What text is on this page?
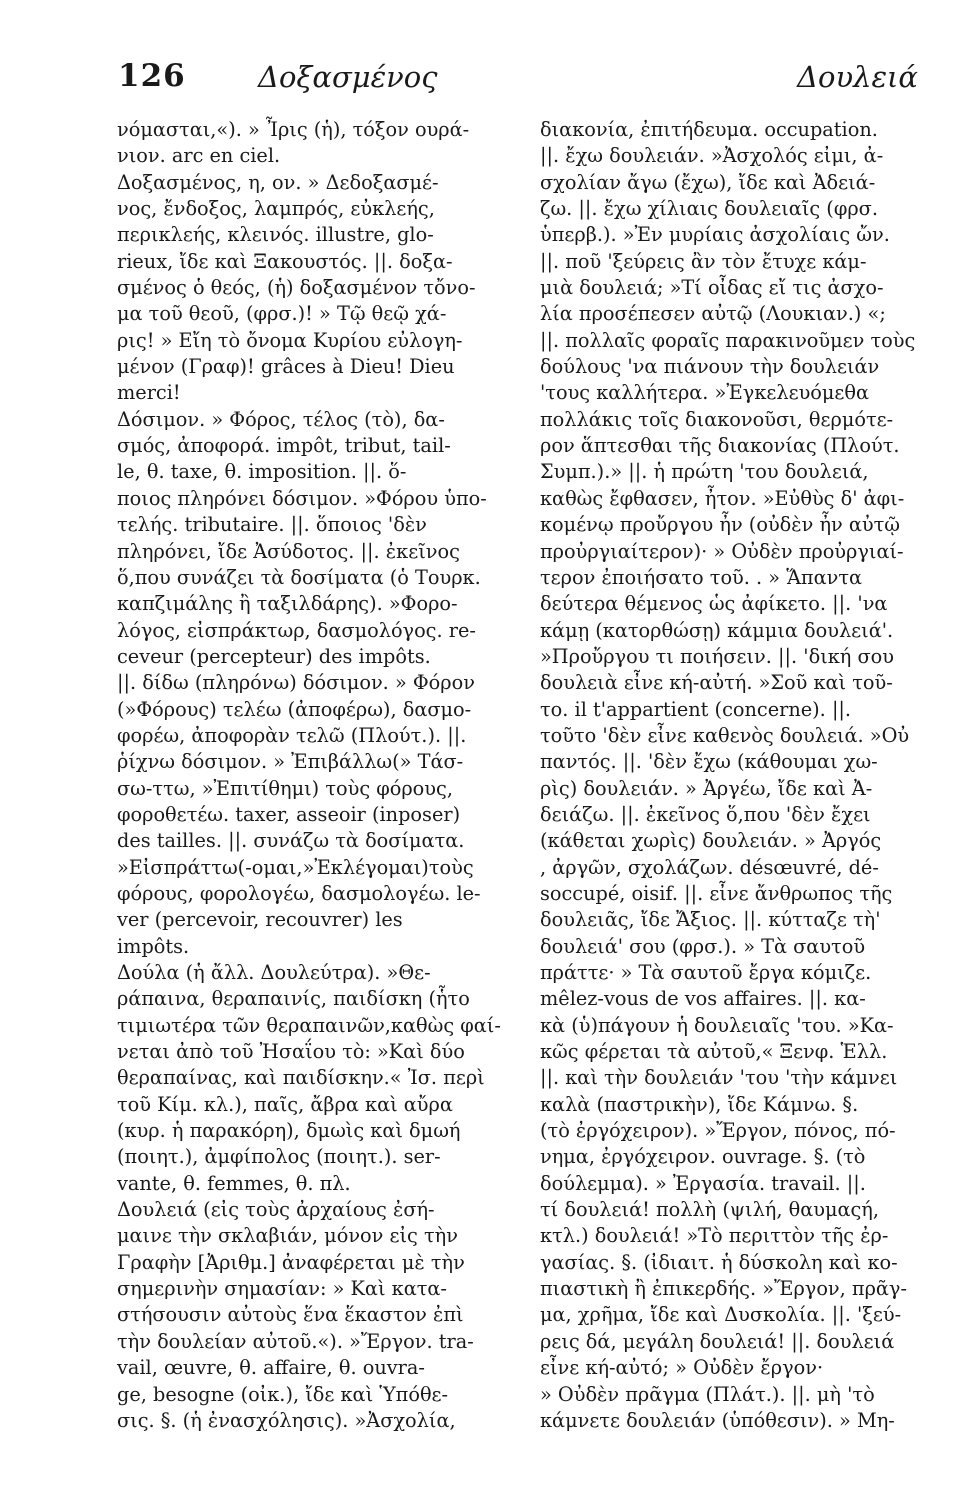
126 Δοξασμένος	Δουλειά
νόμασται,«). » Ἶρις (ἡ), τόξον ουρά-
νιον. arc en ciel.
Δοξασμένος, η, ον. » Δεδοξασμέ-
νος, ἔνδοξος, λαμπρός, εὐκλεής,
περικλεής, κλεινός. illustre, glo-
rieux, ἴδε καὶ Ξακουστός. ||. δοξα-
σμένος ὁ θεός, (ἡ) δοξασμένον τὄνο-
μα τοῦ θεοῦ, (φρσ.)! » Τῷ θεῷ χά-
ρις! » Εἴη τὸ ὄνομα Κυρίου εὐλογη-
μένον (Γραφ)! grâces à Dieu! Dieu
merci!
Δόσιμον. » Φόρος, τέλος (τὸ), δα-
σμός, ἀποφορά. impôt, tribut, tail-
le, θ. taxe, θ. imposition. ||. ὅ-
ποιος πληρόνει δόσιμον. »Φόρου ὑπο-
τελής. tributaire. ||. ὅποιος 'δὲν
πληρόνει, ἴδε Ἀσύδοτος. ||. ἐκεῖνος
ὅ,που συνάζει τὰ δοσίματα (ὁ Τουρκ.
καπζιμάλης ἢ ταξιλδάρης). »Φορο-
λόγος, εἰσπράκτωρ, δασμολόγος. re-
ceveur (percepteur) des impôts.
||. δίδω (πληρόνω) δόσιμον. » Φόρον
(»Φόρους) τελέω (ἀποφέρω), δασμο-
φορέω, ἀποφορὰν τελῶ (Πλούτ.). ||.
ῥίχνω δόσιμον. » Ἐπιβάλλω(» Τάσ-
σω-ττω, »Ἐπιτίθημι) τοὺς φόρους,
φοροθετέω. taxer, asseoir (inposer)
des tailles. ||. συνάζω τὰ δοσίματα.
»Εἰσπράττω(-ομαι,»Ἐκλέγομαι)τοὺς
φόρους, φορολογέω, δασμολογέω. le-
ver (percevoir, recouvrer) les
impôts.
Δούλα (ἡ ἄλλ. Δουλεύτρα). »Θε-
ράπαινα, θεραπαινίς, παιδίσκη (ἧτο
τιμιωτέρα τῶν θεραπαινῶν,καθὼς φαί-
νεται ἀπὸ τοῦ Ἠσαΐου τὸ: »Καὶ δύο
θεραπαίνας, καὶ παιδίσκην.« Ἰσ. περὶ
τοῦ Κίμ. κλ.), παῖς, ἄβρα καὶ αὔρα
(κυρ. ἡ παρακόρη), δμωὶς καὶ δμωή
(ποιητ.), ἀμφίπολος (ποιητ.). ser-
vante, θ. femmes, θ. πλ.
Δουλειά (εἰς τοὺς ἀρχαίους ἐσή-
μαινε τὴν σκλαβιάν, μόνον εἰς τὴν
Γραφὴν [Ἀριθμ.] ἀναφέρεται μὲ τὴν
σημερινὴν σημασίαν: » Καὶ κατα-
στήσουσιν αὐτοὺς ἕνα ἕκαστον ἐπὶ
τὴν δουλείαν αὐτοῦ.«). »Ἔργον. tra-
vail, œuvre, θ. affaire, θ. ouvra-
ge, besogne (οἰκ.), ἴδε καὶ Ὑπόθε-
σις. §. (ἡ ἐνασχόλησις). »Ἀσχολία,
διακονία, ἐπιτήδευμα. occupation.
||. ἔχω δουλειάν. »Ἀσχολός εἰμι, ἀ-
σχολίαν ἄγω (ἔχω), ἴδε καὶ Ἀδειά-
ζω. ||. ἔχω χίλιαις δουλειαῖς (φρσ.
ὑπερβ.). »Ἐν μυρίαις ἀσχολίαις ὤν.
||. ποῦ 'ξεύρεις ἂν τὸν ἔτυχε κάμ-
μιὰ δουλειά; »Τί οἶδας εἴ τις ἀσχο-
λία προσέπεσεν αὐτῷ (Λουκιαν.) «;
||. πολλαῖς φοραῖς παρακινοῦμεν τοὺς
δούλους 'να πιάνουν τὴν δουλειάν
'τους καλλήτερα. »Ἐγκελευόμεθα
πολλάκις τοῖς διακονοῦσι, θερμότε-
ρον ἅπτεσθαι τῆς διακονίας (Πλούτ.
Συμπ.).» ||. ἡ πρώτη 'του δουλειά,
καθὼς ἔφθασεν, ἦτον. »Εὐθὺς δ' ἀφι-
κομένῳ προὔργου ἦν (οὐδὲν ἦν αὐτῷ
προὐργιαίτερον)· » Οὐδὲν προὐργιαί-
τερον ἐποιήσατο τοῦ. . » Ἅπαντα
δεύτερα θέμενος ὡς ἀφίκετο. ||. 'να
κάμῃ (κατορθώσῃ) κάμμια δουλειά'.
»Προὔργου τι ποιήσειν. ||. 'δική σου
δουλειὰ εἶνε κή-αὐτή. »Σοῦ καὶ τοῦ-
το. il t'appartient (concerne). ||.
τοῦτο 'δὲν εἶνε καθενὸς δουλειά. »Οὐ
παντός. ||. 'δὲν ἔχω (κάθουμαι χω-
ρὶς) δουλειάν. » Ἀργέω, ἴδε καὶ Ἀ-
δειάζω. ||. ἐκεῖνος ὅ,που 'δὲν ἔχει
(κάθεται χωρὶς) δουλειάν. » Ἀργός
, ἀργῶν, σχολάζων. désœuvré, dé-
soccupé, oisif. ||. εἶνε ἄνθρωπος τῆς
δουλειᾶς, ἴδε Ἄξιος. ||. κύτταζε τὴ'
δουλειά' σου (φρσ.). » Τὰ σαυτοῦ
πράττε· » Τὰ σαυτοῦ ἔργα κόμιζε.
mêlez-vous de vos affaires. ||. κα-
κὰ (ὑ)πάγουν ἡ δουλειαῖς 'του. »Κα-
κῶς φέρεται τὰ αὐτοῦ,« Ξενφ. Ἑλλ.
||. καὶ τὴν δουλειάν 'του 'τὴν κάμνει
καλὰ (παστρικὴν), ἴδε Κάμνω. §.
(τὸ ἐργόχειρον). »Ἔργον, πόνος, πό-
νημα, ἐργόχειρον. ouvrage. §. (τὸ
δούλεμμα). » Ἐργασία. travail. ||.
τί δουλειά! πολλὴ (ψιλή, θαυμαςή,
κτλ.) δουλειά! »Τὸ περιττὸν τῆς ἐρ-
γασίας. §. (ἰδιαιτ. ἡ δύσκολη καὶ κο-
πιαστικὴ ἢ ἐπικερδής. »Ἔργον, πρᾶγ-
μα, χρῆμα, ἴδε καὶ Δυσκολία. ||. 'ξεύ-
ρεις δά, μεγάλη δουλειά! ||. δουλειά
εἶνε κή-αὐτό; » Οὐδὲν ἔργον·
» Οὐδὲν πρᾶγμα (Πλάτ.). ||. μὴ 'τὸ
κάμνετε δουλειάν (ὑπόθεσιν). » Μη-
